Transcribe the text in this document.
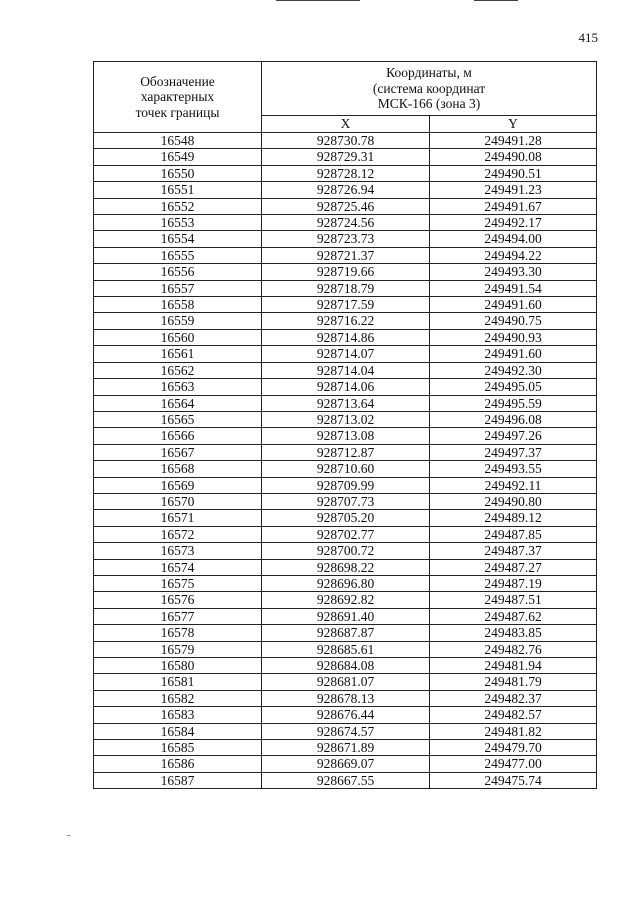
415
Обозначение
характерных
точек границы	Координаты, м
(система координат
МСК-166 (зона 3)	

	X	Y
16548	928730.78	249491.28
16549	928729.31	249490.08
16550	928728.12	249490.51
16551	928726.94	249491.23
16552	928725.46	249491.67
16553	928724.56	249492.17
16554	928723.73	249494.00
16555	928721.37	249494.22
16556	928719.66	249493.30
16557	928718.79	249491.54
16558	928717.59	249491.60
16559	928716.22	249490.75
16560	928714.86	249490.93
16561	928714.07	249491.60
16562	928714.04	249492.30
16563	928714.06	249495.05
16564	928713.64	249495.59
16565	928713.02	249496.08
16566	928713.08	249497.26
16567	928712.87	249497.37
16568	928710.60	249493.55
16569	928709.99	249492.11
16570	928707.73	249490.80
16571	928705.20	249489.12
16572	928702.77	249487.85
16573	928700.72	249487.37
16574	928698.22	249487.27
16575	928696.80	249487.19
16576	928692.82	249487.51
16577	928691.40	249487.62
16578	928687.87	249483.85
16579	928685.61	249482.76
16580	928684.08	249481.94
16581	928681.07	249481.79
16582	928678.13	249482.37
16583	928676.44	249482.57
16584	928674.57	249481.82
16585	928671.89	249479.70
16586	928669.07	249477.00
16587	928667.55	249475.74
‑
